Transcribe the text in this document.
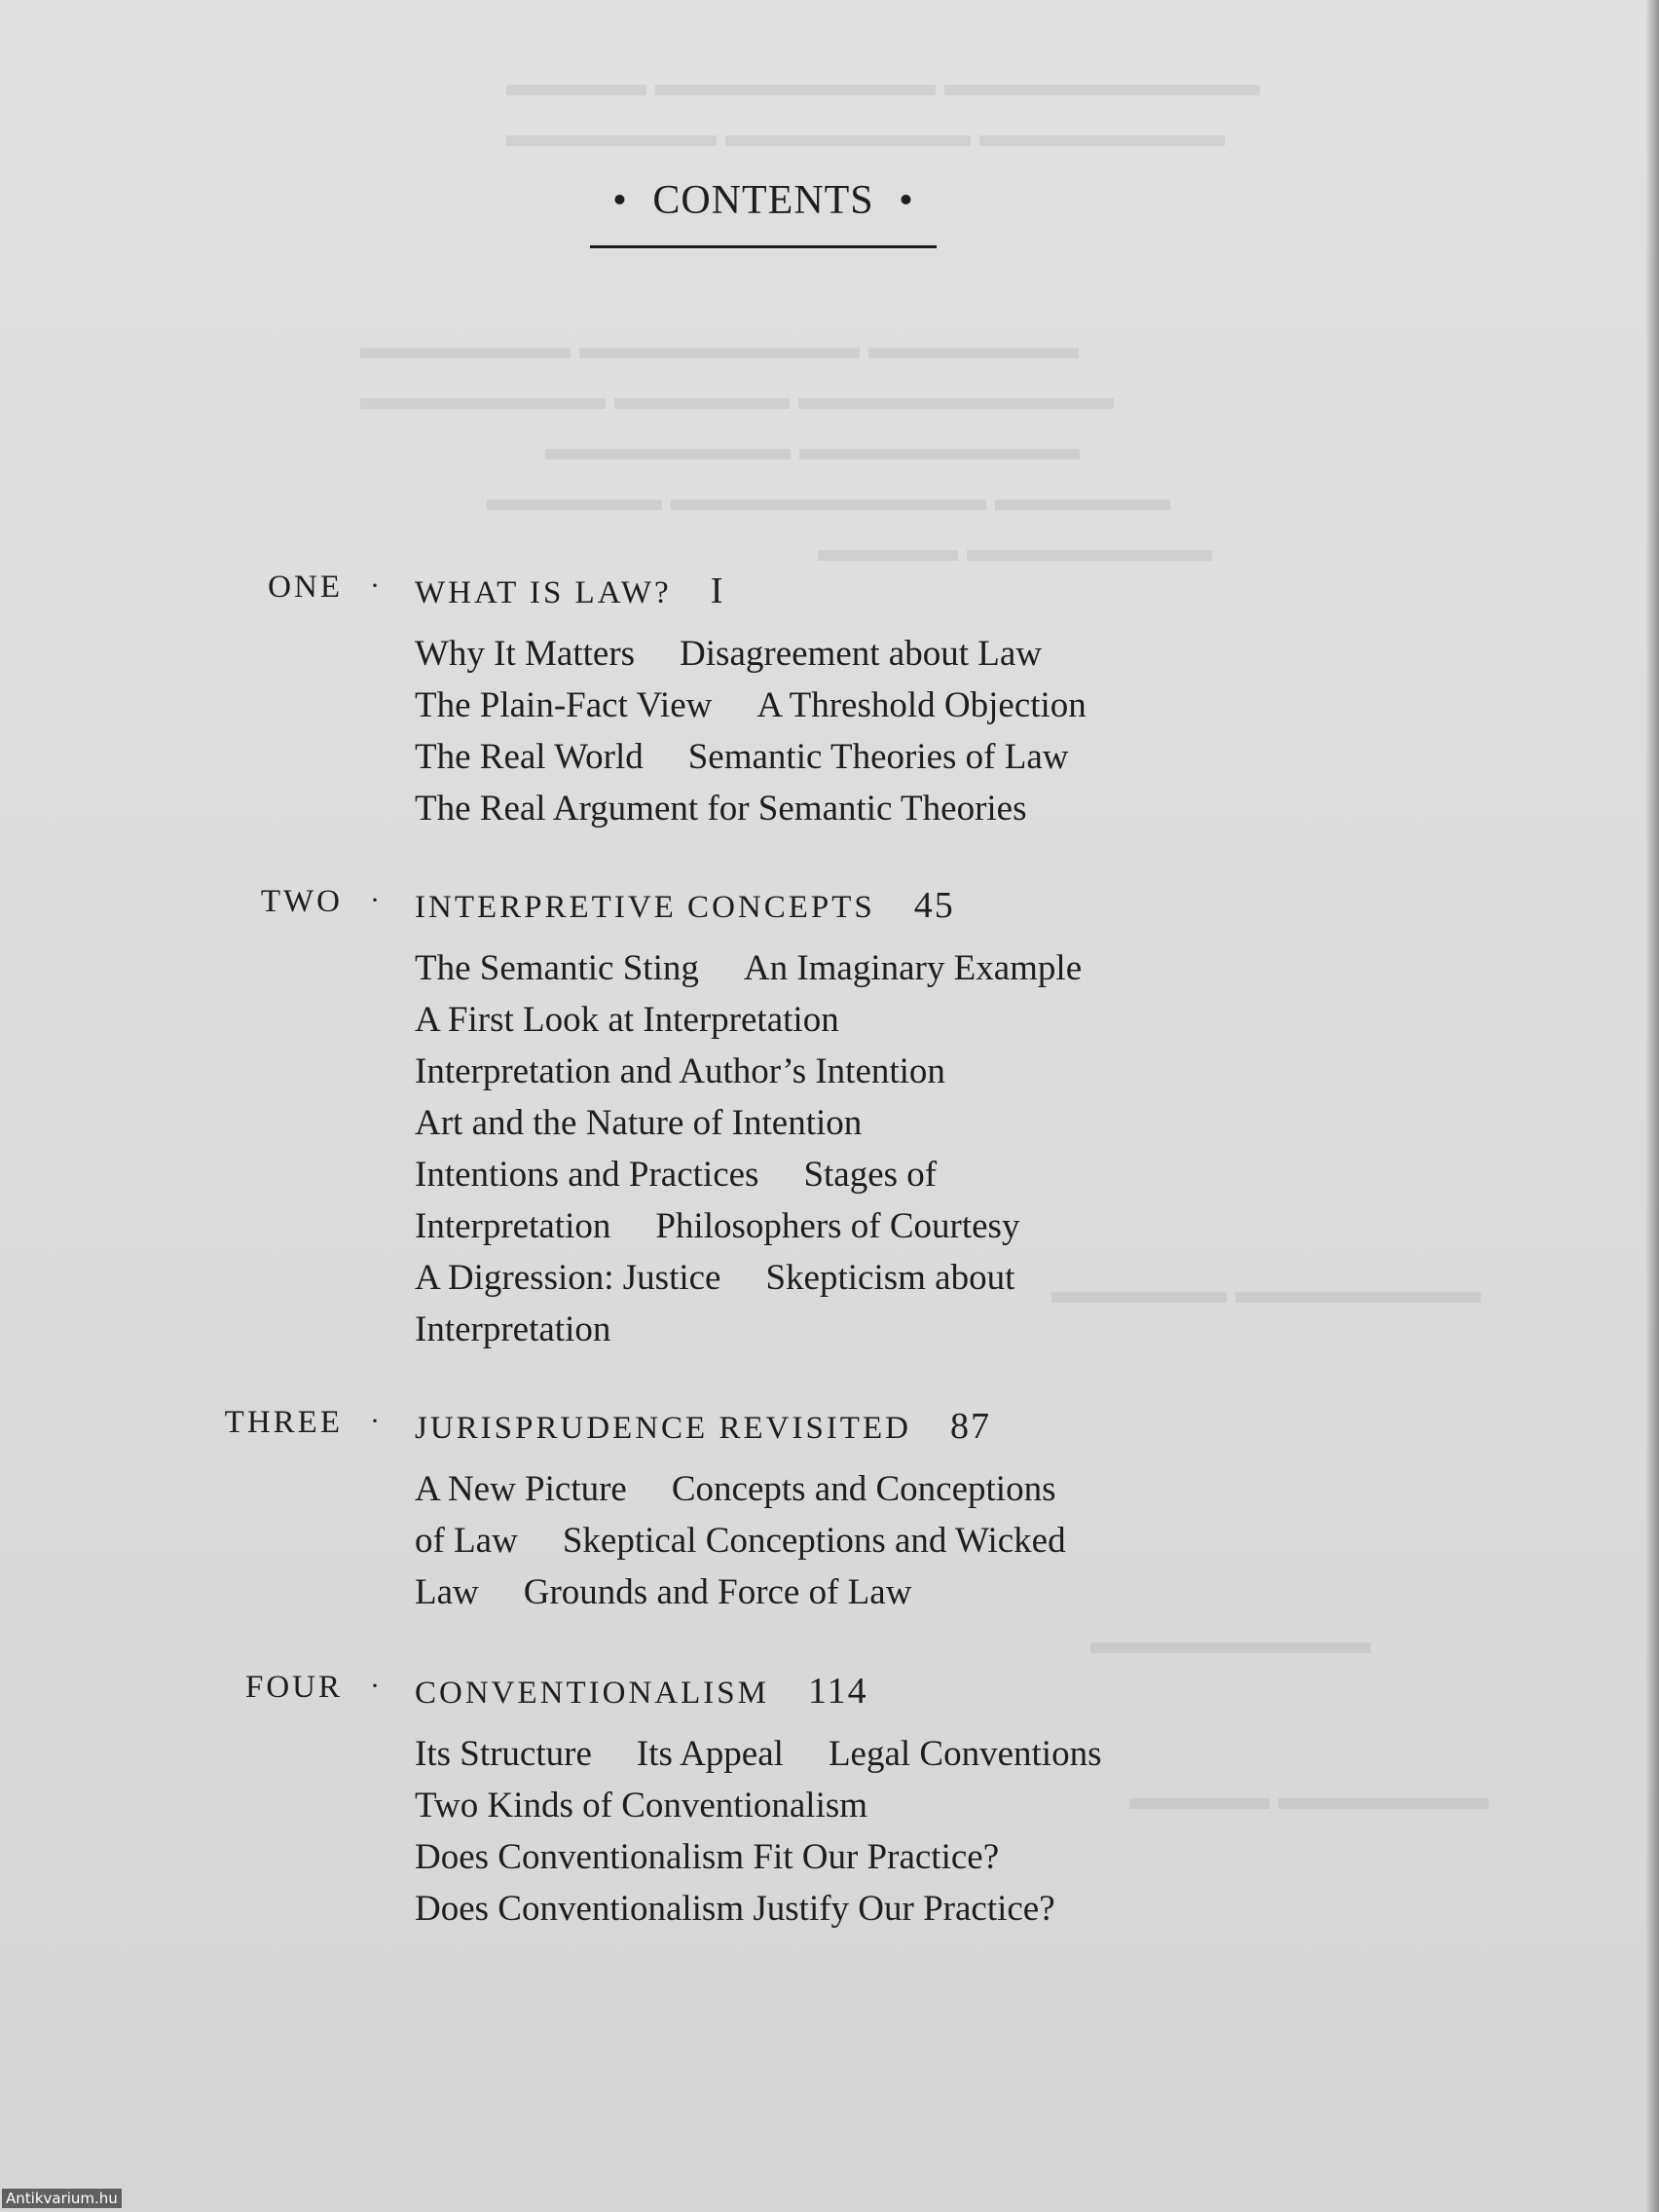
▬▬▬▬ ▬▬▬▬▬▬▬▬ ▬▬▬▬▬▬▬▬▬
▬▬▬▬▬▬ ▬▬▬▬▬▬▬ ▬▬▬▬▬▬▬
▬▬▬▬▬▬ ▬▬▬▬▬▬▬▬ ▬▬▬▬▬▬
▬▬▬▬▬▬▬ ▬▬▬▬▬ ▬▬▬▬▬▬▬▬▬
▬▬▬▬▬▬▬ ▬▬▬▬▬▬▬▬
▬▬▬▬▬ ▬▬▬▬▬▬▬▬▬ ▬▬▬▬▬
▬▬▬▬ ▬▬▬▬▬▬▬
▬▬▬▬▬ ▬▬▬▬▬▬▬
▬▬▬▬▬▬▬▬
▬▬▬▬ ▬▬▬▬▬▬
• CONTENTS •
ONE · WHAT IS LAW? I
Why It Matters Disagreement about Law
The Plain-Fact View A Threshold Objection
The Real World Semantic Theories of Law
The Real Argument for Semantic Theories
TWO · INTERPRETIVE CONCEPTS 45
The Semantic Sting An Imaginary Example
A First Look at Interpretation
Interpretation and Author’s Intention
Art and the Nature of Intention
Intentions and Practices Stages of
Interpretation Philosophers of Courtesy
A Digression: Justice Skepticism about
Interpretation
THREE · JURISPRUDENCE REVISITED 87
A New Picture Concepts and Conceptions
of Law Skeptical Conceptions and Wicked
Law Grounds and Force of Law
FOUR · CONVENTIONALISM 114
Its Structure Its Appeal Legal Conventions
Two Kinds of Conventionalism
Does Conventionalism Fit Our Practice?
Does Conventionalism Justify Our Practice?
Antikvarium.hu
